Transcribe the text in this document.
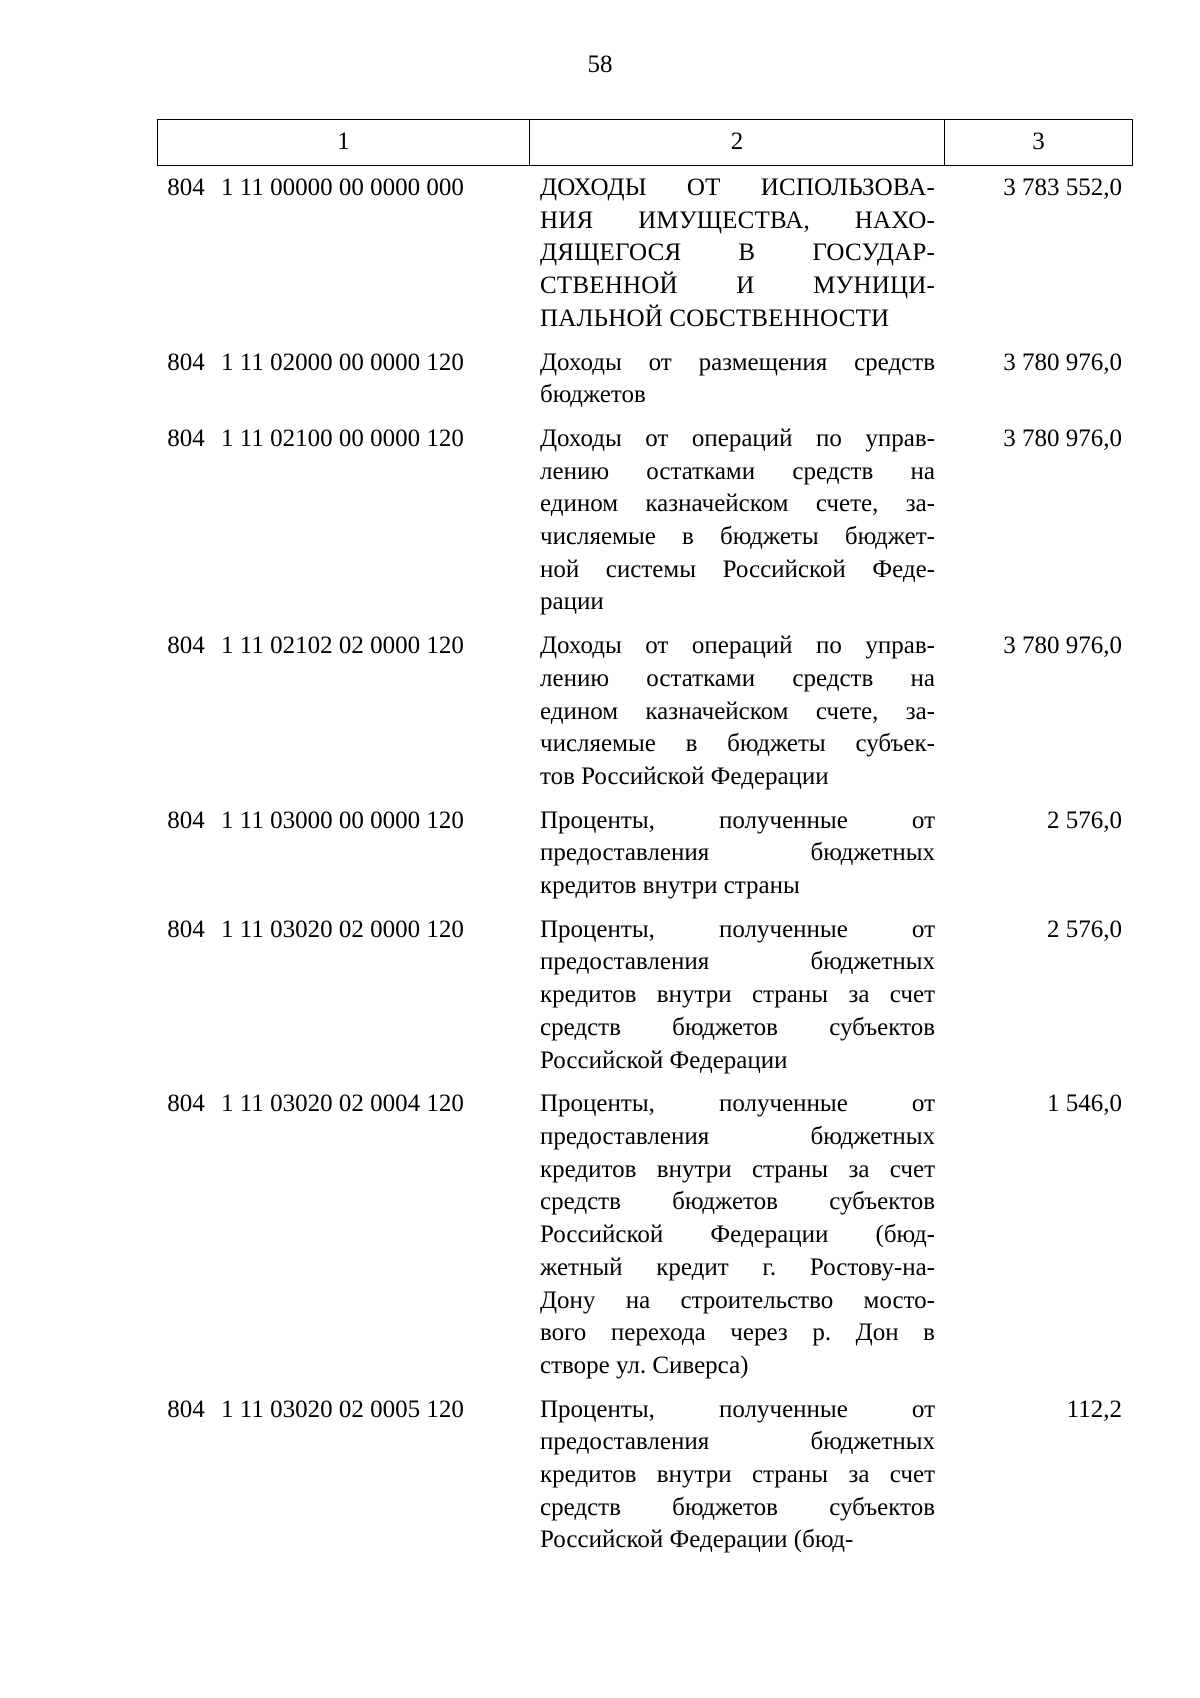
58
1	2	3
804 1 11 00000 00 0000 000	ДОХОДЫ ОТ ИСПОЛЬЗОВА-
НИЯ ИМУЩЕСТВА, НАХО-
ДЯЩЕГОСЯ В ГОСУДАР-
СТВЕННОЙ И МУНИЦИ-
ПАЛЬНОЙ СОБСТВЕННОСТИ
3 783 552,0
804 1 11 02000 00 0000 120	Доходы от размещения средств
бюджетов
3 780 976,0
804 1 11 02100 00 0000 120	Доходы от операций по управ-
лению остатками средств на
едином казначейском счете, за-
числяемые в бюджеты бюджет-
ной системы Российской Феде-
рации
3 780 976,0
804 1 11 02102 02 0000 120	Доходы от операций по управ-
лению остатками средств на
едином казначейском счете, за-
числяемые в бюджеты субъек-
тов Российской Федерации
3 780 976,0
804 1 11 03000 00 0000 120	Проценты, полученные от
предоставления бюджетных
кредитов внутри страны
2 576,0
804 1 11 03020 02 0000 120	Проценты, полученные от
предоставления бюджетных
кредитов внутри страны за счет
средств бюджетов субъектов
Российской Федерации
2 576,0
804 1 11 03020 02 0004 120	Проценты, полученные от
предоставления бюджетных
кредитов внутри страны за счет
средств бюджетов субъектов
Российской Федерации (бюд-
жетный кредит г. Ростову-на-
Дону на строительство мосто-
вого перехода через р. Дон в
створе ул. Сиверса)
1 546,0
804 1 11 03020 02 0005 120	Проценты, полученные от
предоставления бюджетных
кредитов внутри страны за счет
средств бюджетов субъектов
Российской Федерации (бюд-
112,2
